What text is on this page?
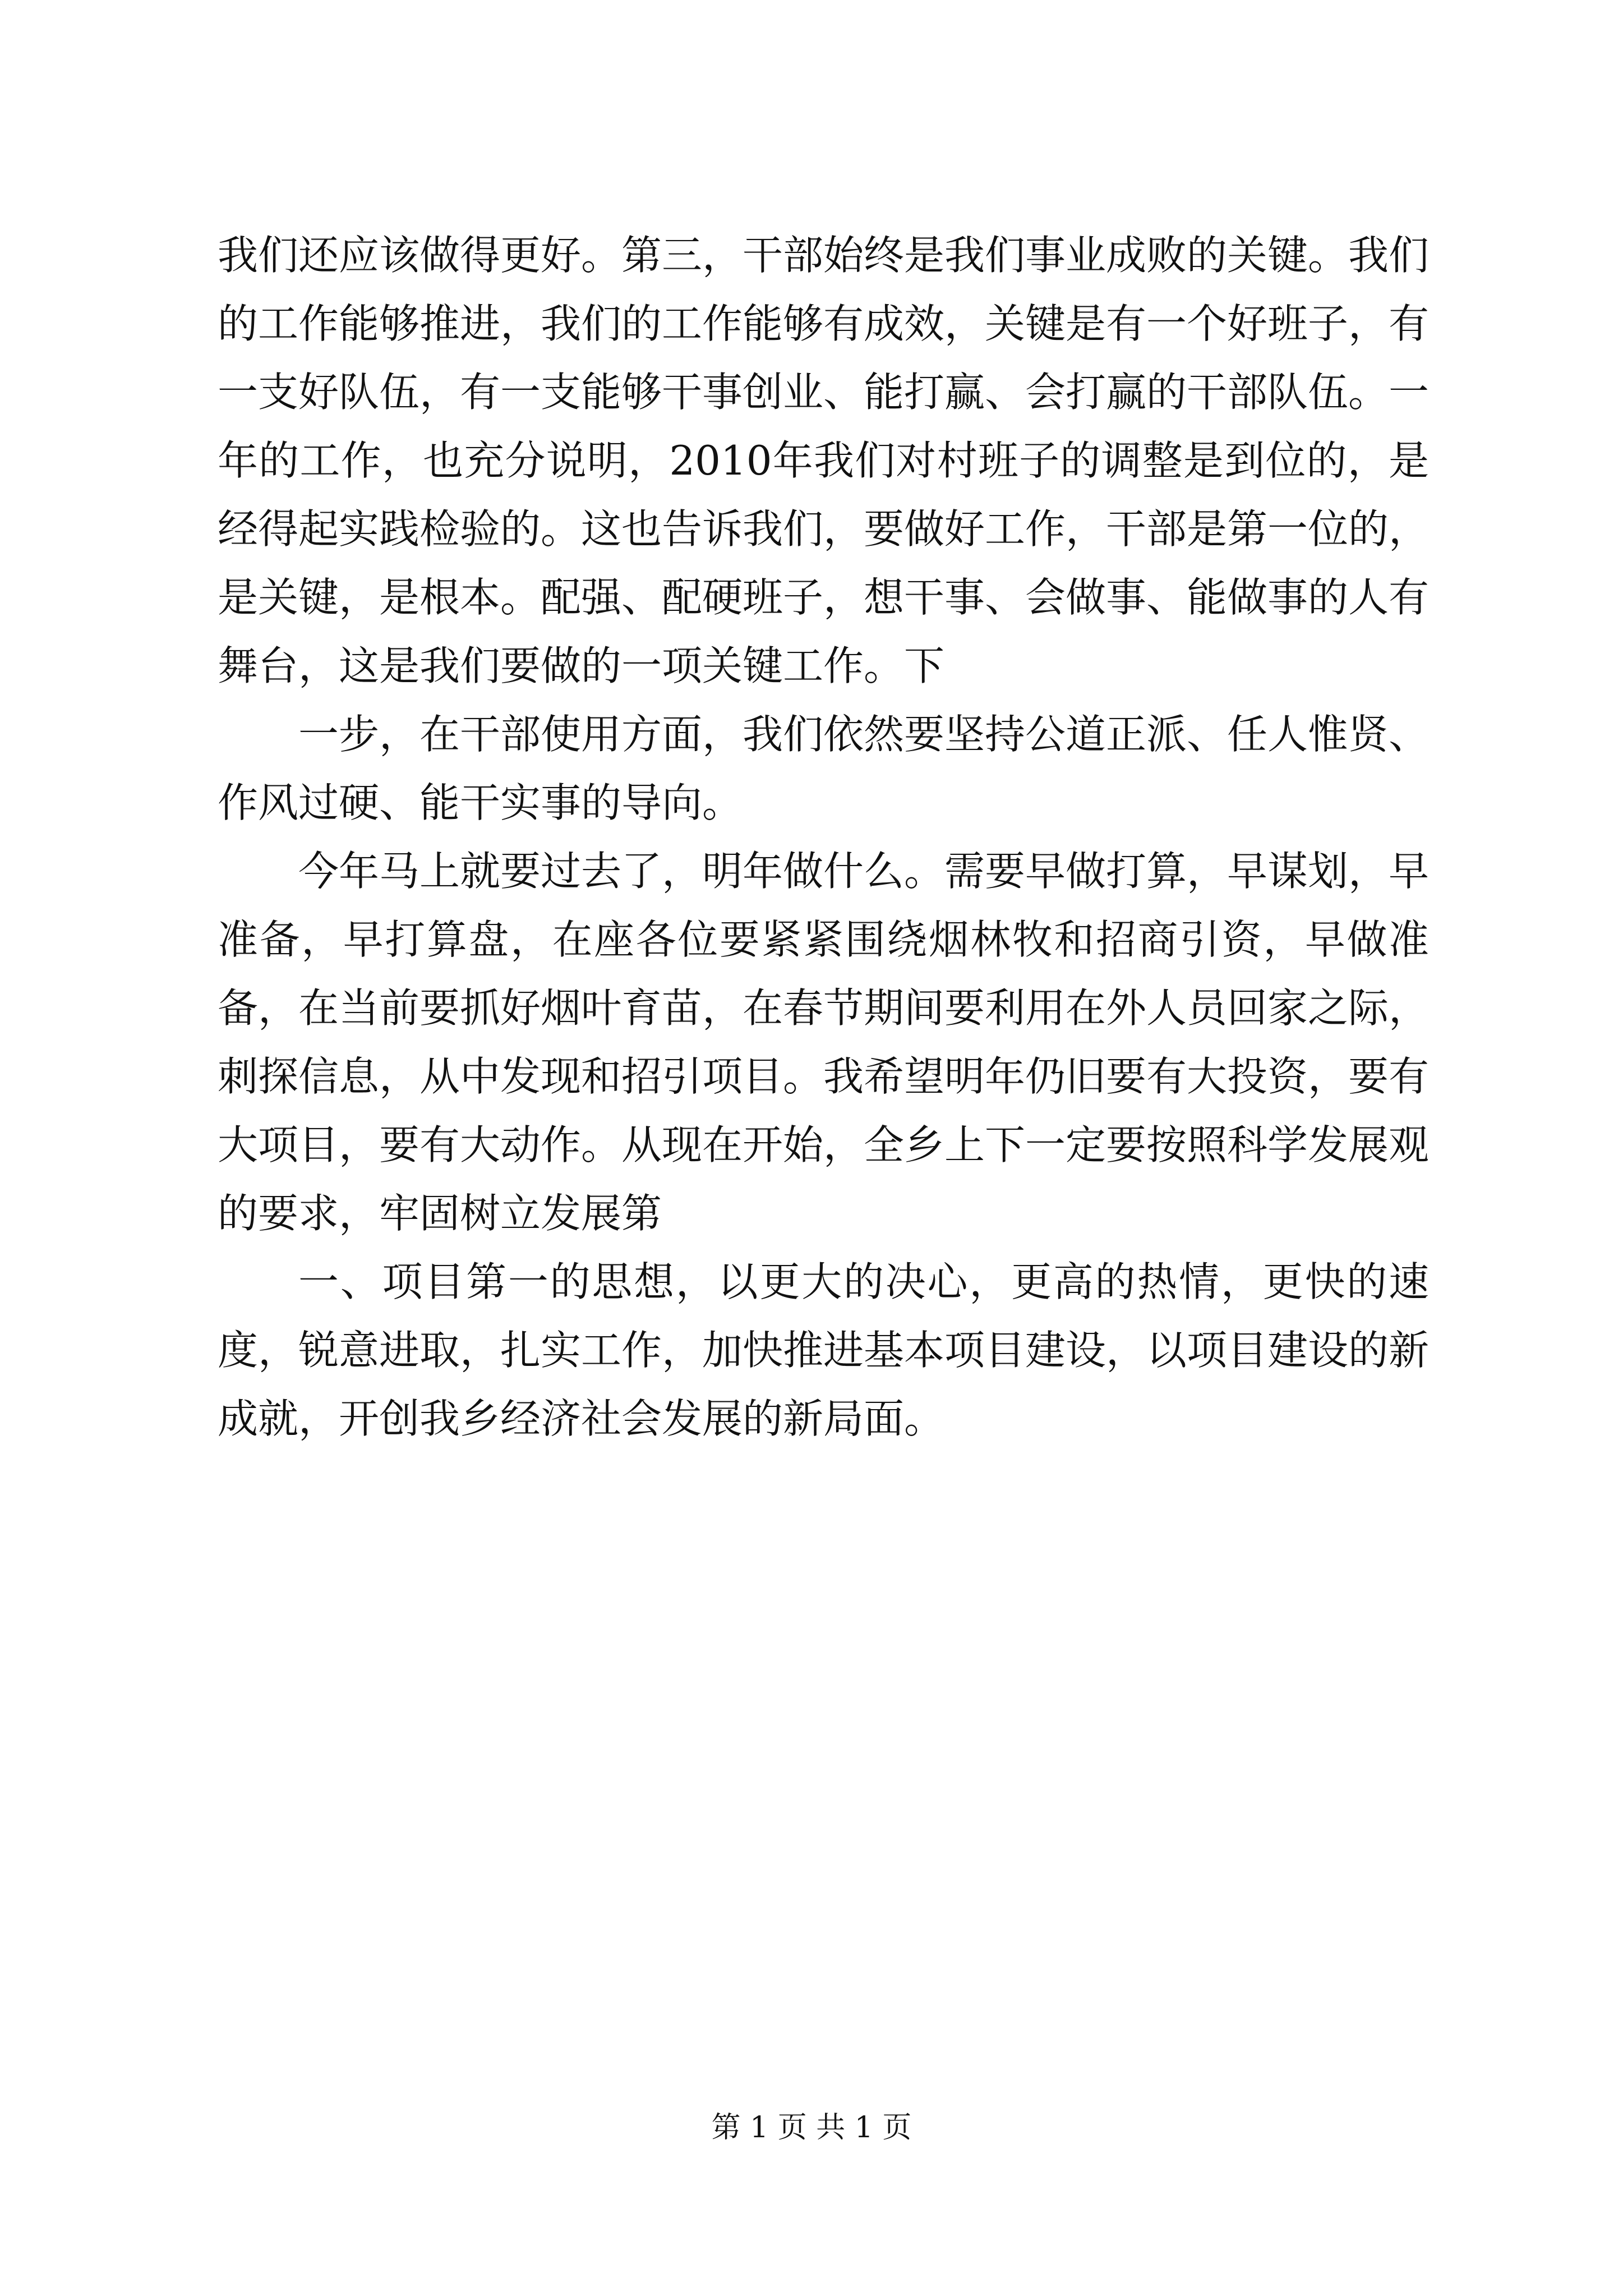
我们还应该做得更好。第三，干部始终是我们事业成败的关键。我们的工作能够推进，我们的工作能够有成效，关键是有一个好班子，有一支好队伍，有一支能够干事创业、能打赢、会打赢的干部队伍。一年的工作，也充分说明，2010年我们对村班子的调整是到位的，是经得起实践检验的。这也告诉我们，要做好工作，干部是第一位的，是关键，是根本。配强、配硬班子，想干事、会做事、能做事的人有舞台，这是我们要做的一项关键工作。下

一步，在干部使用方面，我们依然要坚持公道正派、任人惟贤、作风过硬、能干实事的导向。

今年马上就要过去了，明年做什么。需要早做打算，早谋划，早准备，早打算盘，在座各位要紧紧围绕烟林牧和招商引资，早做准备，在当前要抓好烟叶育苗，在春节期间要利用在外人员回家之际，刺探信息，从中发现和招引项目。我希望明年仍旧要有大投资，要有大项目，要有大动作。从现在开始，全乡上下一定要按照科学发展观的要求，牢固树立发展第

一、项目第一的思想，以更大的决心，更高的热情，更快的速度，锐意进取，扎实工作，加快推进基本项目建设，以项目建设的新成就，开创我乡经济社会发展的新局面。

第 1 页 共 1 页
